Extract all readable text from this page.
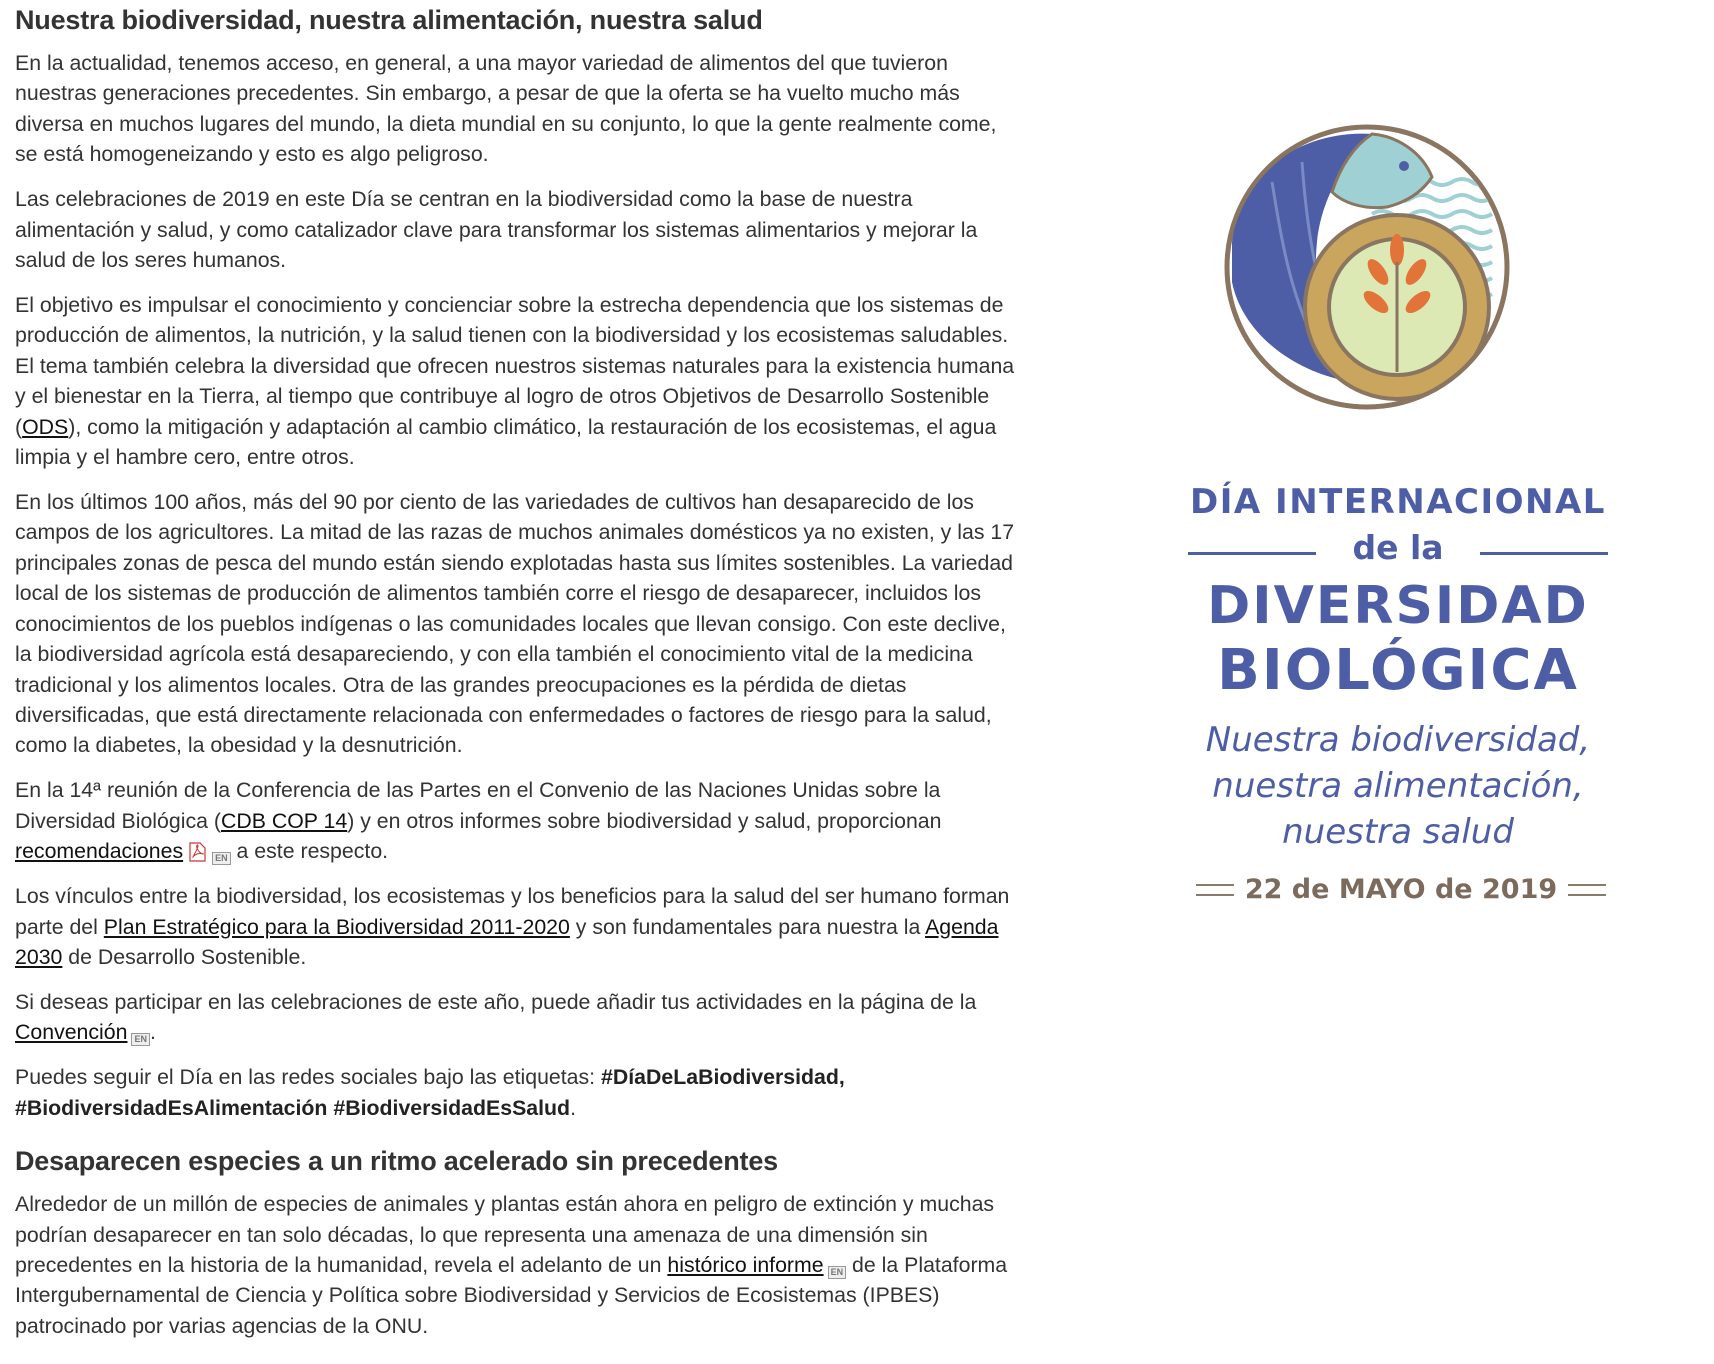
Nuestra biodiversidad, nuestra alimentación, nuestra salud

En la actualidad, tenemos acceso, en general, a una mayor variedad de alimentos del que tuvieron nuestras generaciones precedentes. Sin embargo, a pesar de que la oferta se ha vuelto mucho más diversa en muchos lugares del mundo, la dieta mundial en su conjunto, lo que la gente realmente come, se está homogeneizando y esto es algo peligroso.

Las celebraciones de 2019 en este Día se centran en la biodiversidad como la base de nuestra alimentación y salud, y como catalizador clave para transformar los sistemas alimentarios y mejorar la salud de los seres humanos.

El objetivo es impulsar el conocimiento y concienciar sobre la estrecha dependencia que los sistemas de producción de alimentos, la nutrición, y la salud tienen con la biodiversidad y los ecosistemas saludables. El tema también celebra la diversidad que ofrecen nuestros sistemas naturales para la existencia humana y el bienestar en la Tierra, al tiempo que contribuye al logro de otros Objetivos de Desarrollo Sostenible (ODS), como la mitigación y adaptación al cambio climático, la restauración de los ecosistemas, el agua limpia y el hambre cero, entre otros.

En los últimos 100 años, más del 90 por ciento de las variedades de cultivos han desaparecido de los campos de los agricultores. La mitad de las razas de muchos animales domésticos ya no existen, y las 17 principales zonas de pesca del mundo están siendo explotadas hasta sus límites sostenibles. La variedad local de los sistemas de producción de alimentos también corre el riesgo de desaparecer, incluidos los conocimientos de los pueblos indígenas o las comunidades locales que llevan consigo. Con este declive, la biodiversidad agrícola está desapareciendo, y con ella también el conocimiento vital de la medicina tradicional y los alimentos locales. Otra de las grandes preocupaciones es la pérdida de dietas diversificadas, que está directamente relacionada con enfermedades o factores de riesgo para la salud, como la diabetes, la obesidad y la desnutrición.

En la 14ª reunión de la Conferencia de las Partes en el Convenio de las Naciones Unidas sobre la Diversidad Biológica (CDB COP 14) y en otros informes sobre biodiversidad y salud, proporcionan recomendaciones	EN a este respecto.

Los vínculos entre la biodiversidad, los ecosistemas y los beneficios para la salud del ser humano forman parte del Plan Estratégico para la Biodiversidad 2011-2020 y son fundamentales para nuestra la Agenda 2030 de Desarrollo Sostenible.

Si deseas participar en las celebraciones de este año, puede añadir tus actividades en la página de la Convención EN .

Puedes seguir el Día en las redes sociales bajo las etiquetas: #DíaDeLaBiodiversidad, #BiodiversidadEsAlimentación #BiodiversidadEsSalud.

Desaparecen especies a un ritmo acelerado sin precedentes

Alrededor de un millón de especies de animales y plantas están ahora en peligro de extinción y muchas podrían desaparecer en tan solo décadas, lo que representa una amenaza de una dimensión sin precedentes en la historia de la humanidad, revela el adelanto de un histórico informe EN de la Plataforma Intergubernamental de Ciencia y Política sobre Biodiversidad y Servicios de Ecosistemas (IPBES) patrocinado por varias agencias de la ONU.

DÍA INTERNACIONAL
de la
DIVERSIDAD
BIOLÓGICA
Nuestra biodiversidad,
nuestra alimentación,
nuestra salud
22 de MAYO de 2019
